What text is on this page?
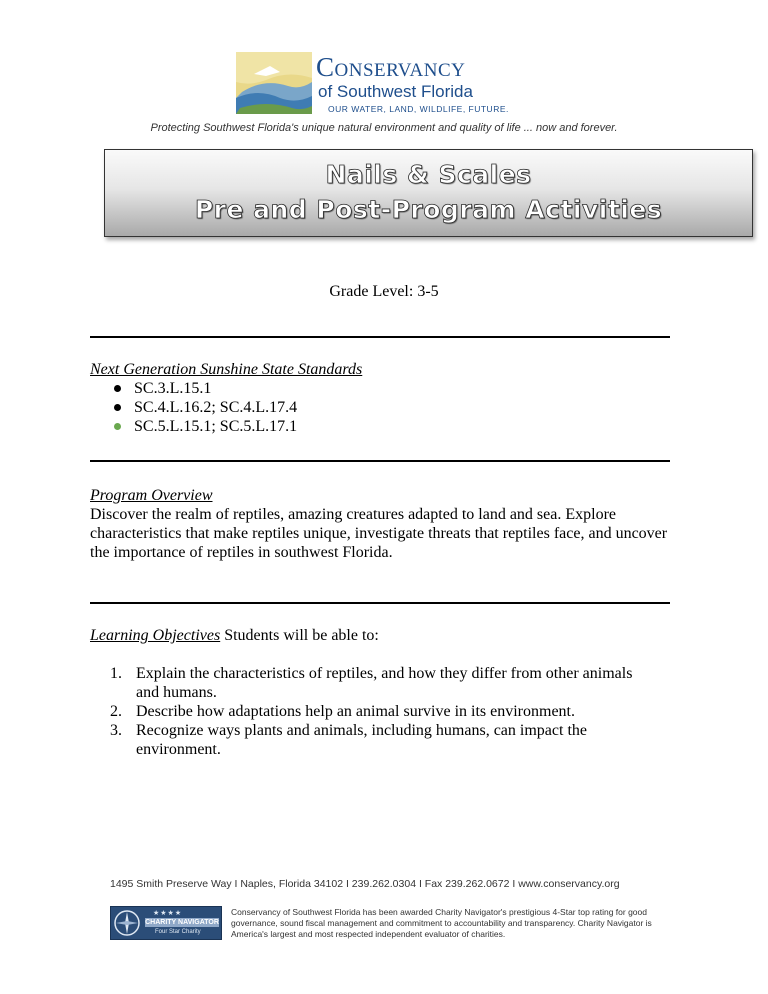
Conservancy
of Southwest Florida
OUR WATER, LAND, WILDLIFE, FUTURE.
Protecting Southwest Florida's unique natural environment and quality of life ... now and forever.
Nails & Scales
Pre and Post-Program Activities
Grade Level: 3-5
Next Generation Sunshine State Standards
SC.3.L.15.1
SC.4.L.16.2; SC.4.L.17.4
SC.5.L.15.1; SC.5.L.17.1
Program Overview
Discover the realm of reptiles, amazing creatures adapted to land and sea. Explore characteristics that make reptiles unique, investigate threats that reptiles face, and uncover the importance of reptiles in southwest Florida.
Learning Objectives Students will be able to:
1. Explain the characteristics of reptiles, and how they differ from other animals and humans.
2. Describe how adaptations help an animal survive in its environment.
3. Recognize ways plants and animals, including humans, can impact the environment.
1495 Smith Preserve Way I Naples, Florida 34102 I 239.262.0304 I Fax 239.262.0672 I www.conservancy.org
★★★★
CHARITY NAVIGATOR
Four Star Charity
Conservancy of Southwest Florida has been awarded Charity Navigator's prestigious 4-Star top rating for good governance, sound fiscal management and commitment to accountability and transparency. Charity Navigator is America's largest and most respected independent evaluator of charities.
